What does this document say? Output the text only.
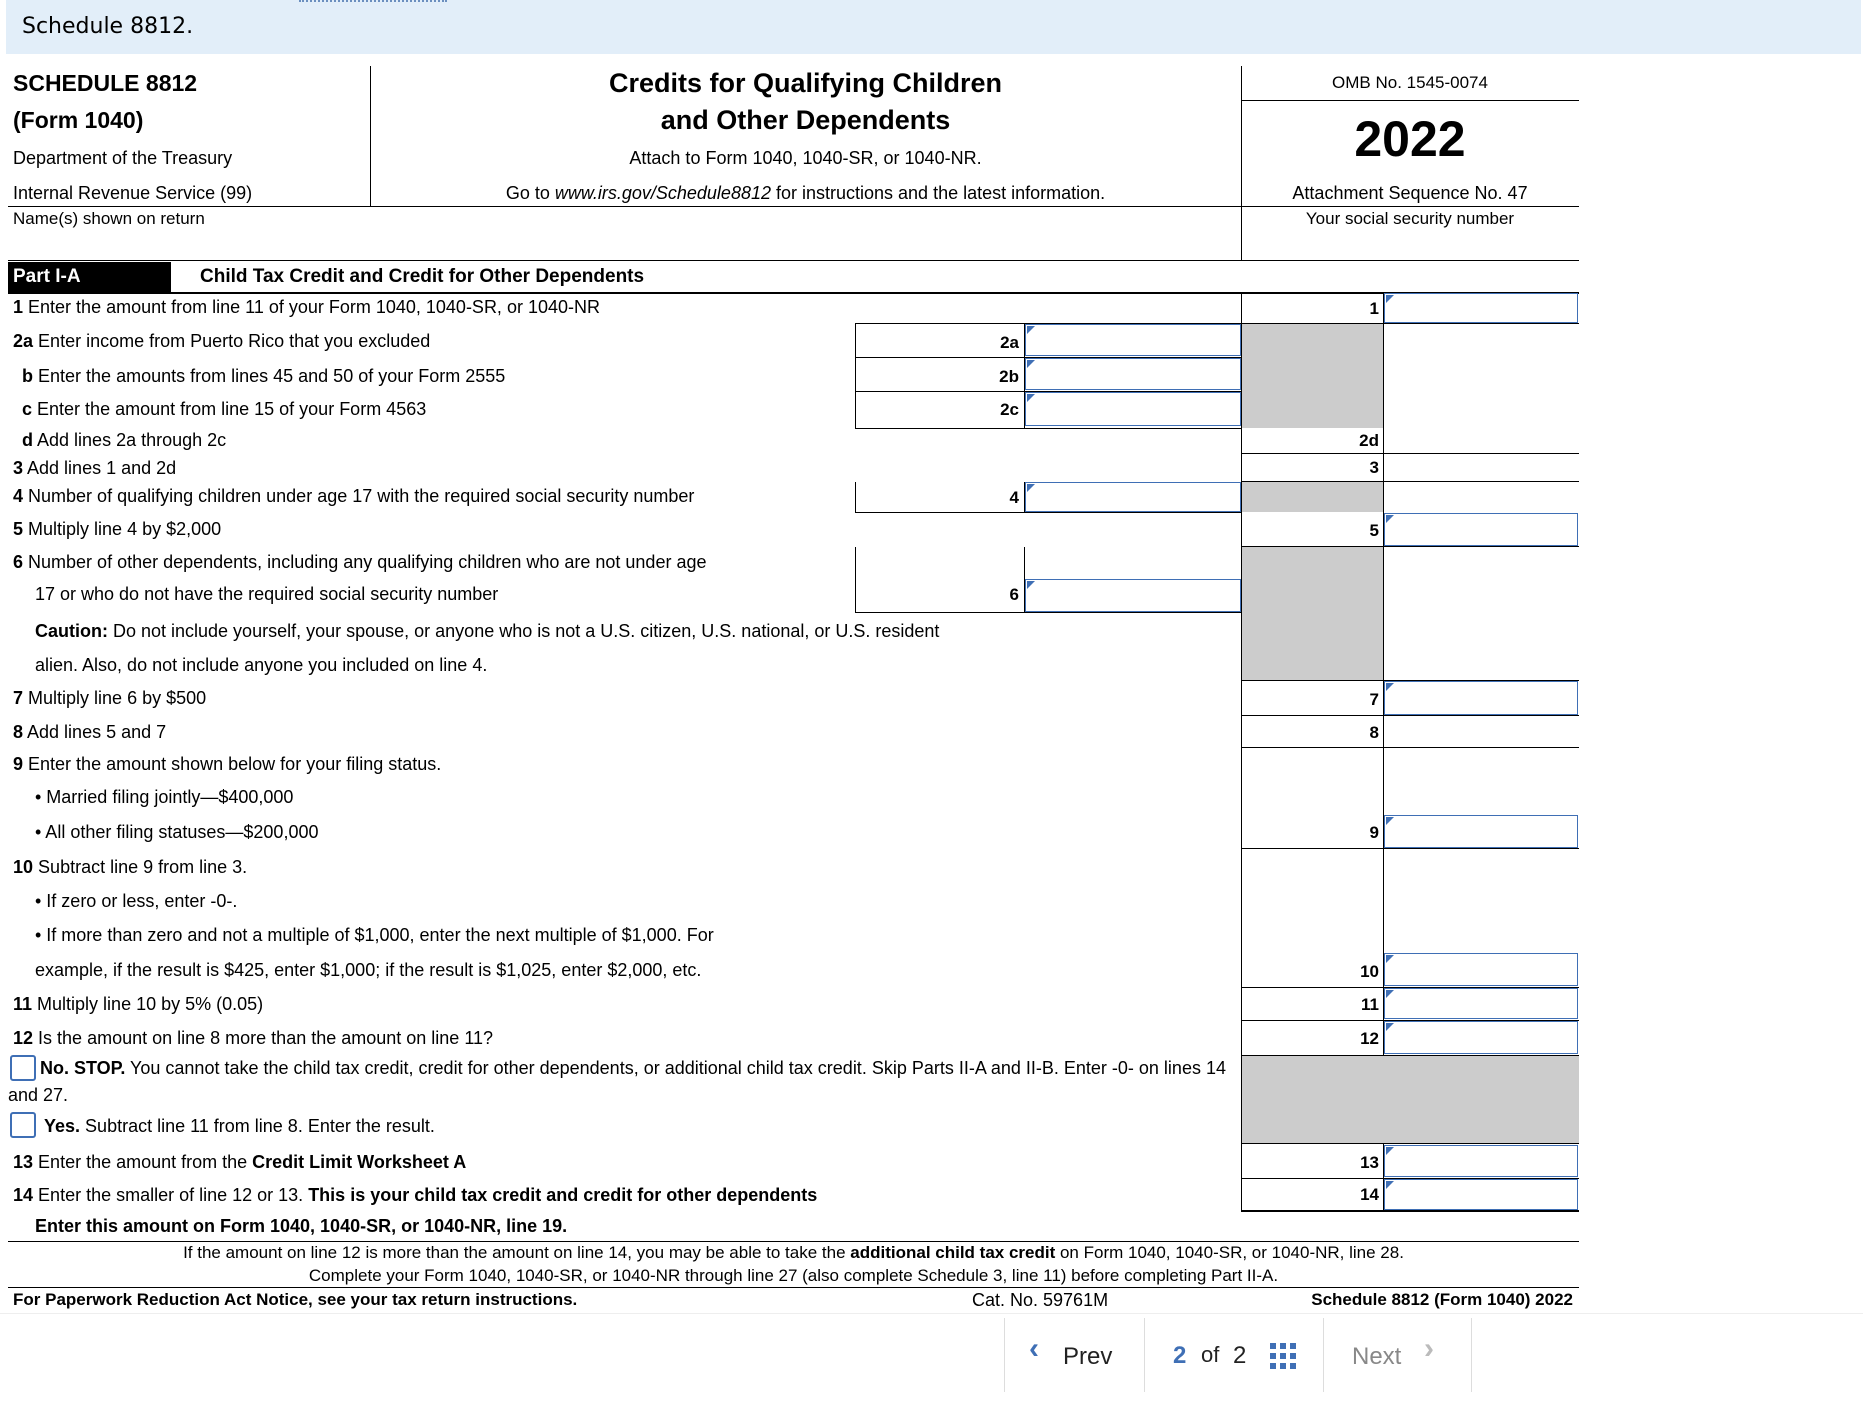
Schedule 8812.
SCHEDULE 8812
(Form 1040)
Department of the Treasury
Internal Revenue Service (99)
Credits for Qualifying Children
and Other Dependents
Attach to Form 1040, 1040-SR, or 1040-NR.
Go to www.irs.gov/Schedule8812 for instructions and the latest information.
OMB No. 1545-0074
2022
Attachment Sequence No. 47
Name(s) shown on return	Your social security number
Part I-A	Child Tax Credit and Credit for Other Dependents
1 Enter the amount from line 11 of your Form 1040, 1040-SR, or 1040-NR	1
2a Enter income from Puerto Rico that you excluded	2a
b Enter the amounts from lines 45 and 50 of your Form 2555	2b
c Enter the amount from line 15 of your Form 4563	2c
d Add lines 2a through 2c	2d
3 Add lines 1 and 2d	3
4 Number of qualifying children under age 17 with the required social security number	4
5 Multiply line 4 by $2,000	5
6 Number of other dependents, including any qualifying children who are not under age
17 or who do not have the required social security number	6
Caution: Do not include yourself, your spouse, or anyone who is not a U.S. citizen, U.S. national, or U.S. resident
alien. Also, do not include anyone you included on line 4.
7 Multiply line 6 by $500	7
8 Add lines 5 and 7	8
9 Enter the amount shown below for your filing status.
• Married filing jointly—$400,000
• All other filing statuses—$200,000	9
10 Subtract line 9 from line 3.
• If zero or less, enter -0-.
• If more than zero and not a multiple of $1,000, enter the next multiple of $1,000. For
example, if the result is $425, enter $1,000; if the result is $1,025, enter $2,000, etc.	10
11 Multiply line 10 by 5% (0.05)	11
12 Is the amount on line 8 more than the amount on line 11?	12
No. STOP. You cannot take the child tax credit, credit for other dependents, or additional child tax credit. Skip Parts II-A and II-B. Enter -0- on lines 14
and 27.
Yes. Subtract line 11 from line 8. Enter the result.
13 Enter the amount from the Credit Limit Worksheet A	13
14 Enter the smaller of line 12 or 13. This is your child tax credit and credit for other dependents	14
Enter this amount on Form 1040, 1040-SR, or 1040-NR, line 19.
If the amount on line 12 is more than the amount on line 14, you may be able to take the additional child tax credit on Form 1040, 1040-SR, or 1040-NR, line 28.
Complete your Form 1040, 1040-SR, or 1040-NR through line 27 (also complete Schedule 3, line 11) before completing Part II-A.
For Paperwork Reduction Act Notice, see your tax return instructions.	Cat. No. 59761M	Schedule 8812 (Form 1040) 2022
‹ Prev	2 of 2	Next ›
